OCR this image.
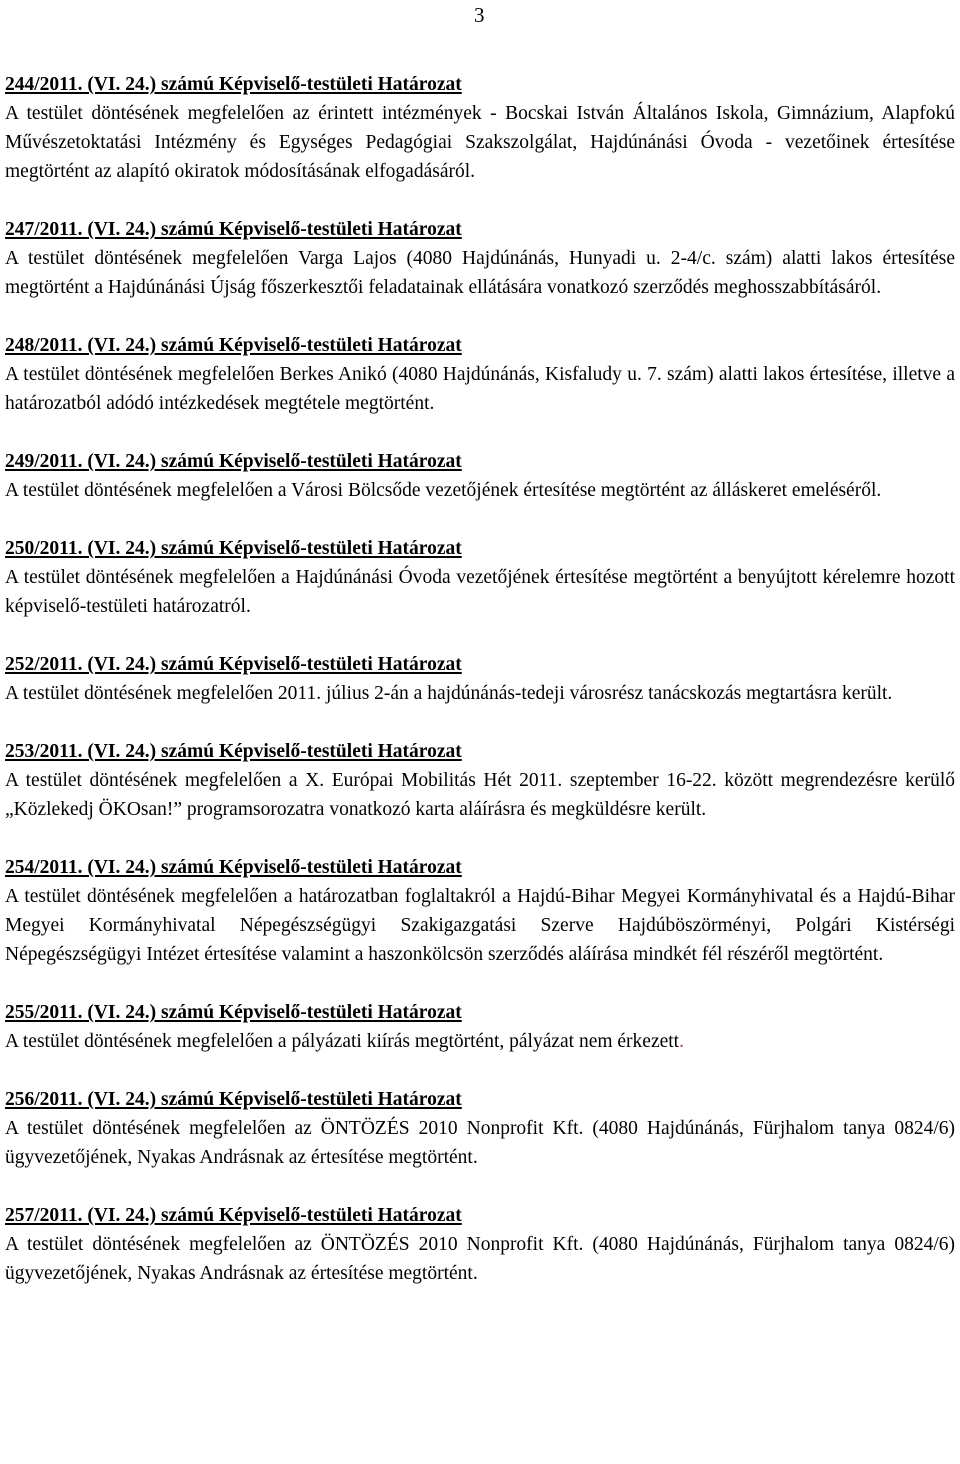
3
244/2011. (VI. 24.) számú Képviselő-testületi Határozat
A testület döntésének megfelelően az érintett intézmények - Bocskai István Általános Iskola, Gimnázium, Alapfokú Művészetoktatási Intézmény és Egységes Pedagógiai Szakszolgálat, Hajdúnánási Óvoda - vezetőinek értesítése megtörtént az alapító okiratok módosításának elfogadásáról.
247/2011. (VI. 24.) számú Képviselő-testületi Határozat
A testület döntésének megfelelően Varga Lajos (4080 Hajdúnánás, Hunyadi u. 2-4/c. szám) alatti lakos értesítése megtörtént a Hajdúnánási Újság főszerkesztői feladatainak ellátására vonatkozó szerződés meghosszabbításáról.
248/2011. (VI. 24.) számú Képviselő-testületi Határozat
A testület döntésének megfelelően Berkes Anikó (4080 Hajdúnánás, Kisfaludy u. 7. szám) alatti lakos értesítése, illetve a határozatból adódó intézkedések megtétele megtörtént.
249/2011. (VI. 24.) számú Képviselő-testületi Határozat
A testület döntésének megfelelően a Városi Bölcsőde vezetőjének értesítése megtörtént az álláskeret emeléséről.
250/2011. (VI. 24.) számú Képviselő-testületi Határozat
A testület döntésének megfelelően a Hajdúnánási Óvoda vezetőjének értesítése megtörtént a benyújtott kérelemre hozott képviselő-testületi határozatról.
252/2011. (VI. 24.) számú Képviselő-testületi Határozat
A testület döntésének megfelelően 2011. július 2-án a hajdúnánás-tedeji városrész tanácskozás megtartásra került.
253/2011. (VI. 24.) számú Képviselő-testületi Határozat
A testület döntésének megfelelően a X. Európai Mobilitás Hét 2011. szeptember 16-22. között megrendezésre kerülő „Közlekedj ÖKOsan!” programsorozatra vonatkozó karta aláírásra és megküldésre került.
254/2011. (VI. 24.) számú Képviselő-testületi Határozat
A testület döntésének megfelelően a határozatban foglaltakról a Hajdú-Bihar Megyei Kormányhivatal és a Hajdú-Bihar Megyei Kormányhivatal Népegészségügyi Szakigazgatási Szerve Hajdúböszörményi, Polgári Kistérségi Népegészségügyi Intézet értesítése valamint a haszonkölcsön szerződés aláírása mindkét fél részéről megtörtént.
255/2011. (VI. 24.) számú Képviselő-testületi Határozat
A testület döntésének megfelelően a pályázati kiírás megtörtént, pályázat nem érkezett.
256/2011. (VI. 24.) számú Képviselő-testületi Határozat
A testület döntésének megfelelően az ÖNTÖZÉS 2010 Nonprofit Kft. (4080 Hajdúnánás, Fürjhalom tanya 0824/6) ügyvezetőjének, Nyakas Andrásnak az értesítése megtörtént.
257/2011. (VI. 24.) számú Képviselő-testületi Határozat
A testület döntésének megfelelően az ÖNTÖZÉS 2010 Nonprofit Kft. (4080 Hajdúnánás, Fürjhalom tanya 0824/6) ügyvezetőjének, Nyakas Andrásnak az értesítése megtörtént.
